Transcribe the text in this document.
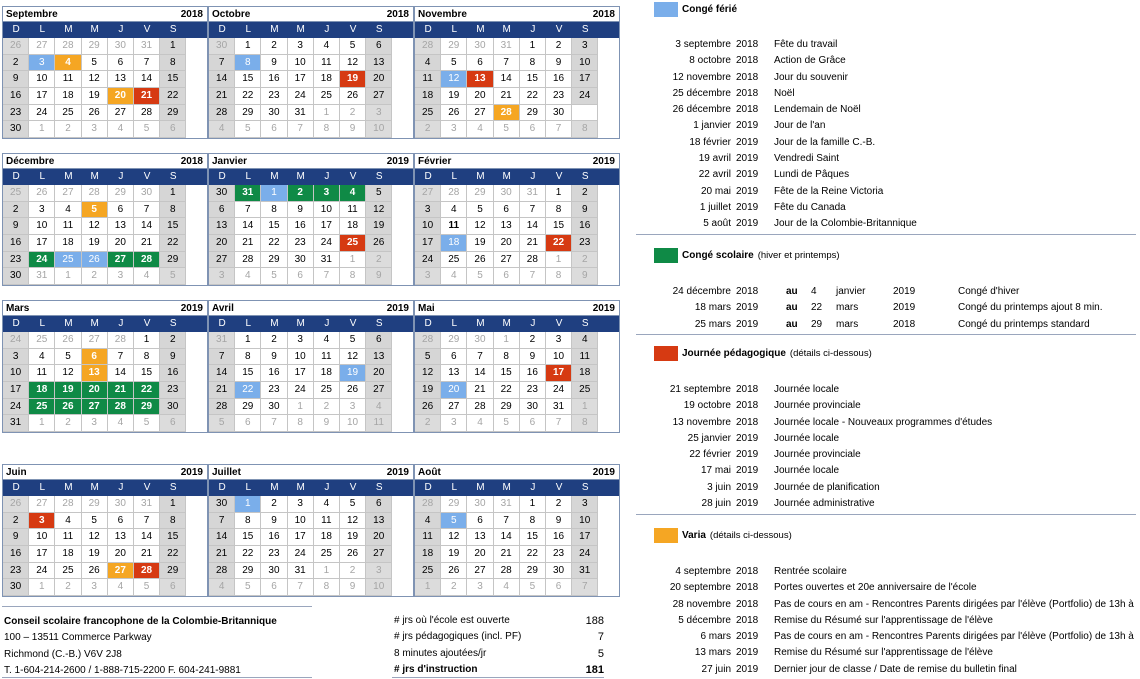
Septembre	2018
D	L	M	M	J	V	S
26	27	28	29	30	31	1
2	3	4	5	6	7	8
9	10	11	12	13	14	15
16	17	18	19	20	21	22
23	24	25	26	27	28	29
30	1	2	3	4	5	6
Octobre	2018
D	L	M	M	J	V	S
30	1	2	3	4	5	6
7	8	9	10	11	12	13
14	15	16	17	18	19	20
21	22	23	24	25	26	27
28	29	30	31	1	2	3
4	5	6	7	8	9	10
Novembre	2018
D	L	M	M	J	V	S
28	29	30	31	1	2	3
4	5	6	7	8	9	10
11	12	13	14	15	16	17
18	19	20	21	22	23	24
25	26	27	28	29	30
2	3	4	5	6	7	8
Décembre	2018
D	L	M	M	J	V	S
25	26	27	28	29	30	1
2	3	4	5	6	7	8
9	10	11	12	13	14	15
16	17	18	19	20	21	22
23	24	25	26	27	28	29
30	31	1	2	3	4	5
Janvier	2019
D	L	M	M	J	V	S
30	31	1	2	3	4	5
6	7	8	9	10	11	12
13	14	15	16	17	18	19
20	21	22	23	24	25	26
27	28	29	30	31	1	2
3	4	5	6	7	8	9
Février	2019
D	L	M	M	J	V	S
27	28	29	30	31	1	2
3	4	5	6	7	8	9
10	11	12	13	14	15	16
17	18	19	20	21	22	23
24	25	26	27	28	1	2
3	4	5	6	7	8	9
Mars	2019
D	L	M	M	J	V	S
24	25	26	27	28	1	2
3	4	5	6	7	8	9
10	11	12	13	14	15	16
17	18	19	20	21	22	23
24	25	26	27	28	29	30
31	1	2	3	4	5	6
Avril	2019
D	L	M	M	J	V	S
31	1	2	3	4	5	6
7	8	9	10	11	12	13
14	15	16	17	18	19	20
21	22	23	24	25	26	27
28	29	30	1	2	3	4
5	6	7	8	9	10	11
Mai	2019
D	L	M	M	J	V	S
28	29	30	1	2	3	4
5	6	7	8	9	10	11
12	13	14	15	16	17	18
19	20	21	22	23	24	25
26	27	28	29	30	31	1
2	3	4	5	6	7	8
Juin	2019
D	L	M	M	J	V	S
26	27	28	29	30	31	1
2	3	4	5	6	7	8
9	10	11	12	13	14	15
16	17	18	19	20	21	22
23	24	25	26	27	28	29
30	1	2	3	4	5	6
Juillet	2019
D	L	M	M	J	V	S
30	1	2	3	4	5	6
7	8	9	10	11	12	13
14	15	16	17	18	19	20
21	22	23	24	25	26	27
28	29	30	31	1	2	3
4	5	6	7	8	9	10
Août	2019
D	L	M	M	J	V	S
28	29	30	31	1	2	3
4	5	6	7	8	9	10
11	12	13	14	15	16	17
18	19	20	21	22	23	24
25	26	27	28	29	30	31
1	2	3	4	5	6	7
Conseil scolaire francophone de la Colombie-Britannique
100 – 13511 Commerce Parkway
Richmond (C.-B.) V6V 2J8
T. 1-604-214-2600 / 1-888-715-2200 F. 604-241-9881
# jrs où l'école est ouverte	188
# jrs pédagogiques (incl. PF)	7
8 minutes ajoutées/jr	5
# jrs d'instruction	181
Congé férié
3 septembre 2018 Fête du travail
8 octobre 2018 Action de Grâce
12 novembre 2018 Jour du souvenir
25 décembre 2018 Noël
26 décembre 2018 Lendemain de Noël
1 janvier 2019 Jour de l'an
18 février 2019 Jour de la famille C.-B.
19 avril 2019 Vendredi Saint
22 avril 2019 Lundi de Pâques
20 mai 2019 Fête de la Reine Victoria
1 juillet 2019 Fête du Canada
5 août 2019 Jour de la Colombie-Britannique
Congé scolaire (hiver et printemps)
24 décembre 2018	au 4 janvier	2019	Congé d'hiver
18 mars 2019	au 22 mars	2019	Congé du printemps ajout 8 min.
25 mars 2019	au 29 mars	2018	Congé du printemps standard
Journée pédagogique (détails ci-dessous)
21 septembre 2018 Journée locale
19 octobre 2018 Journée provinciale
13 novembre 2018 Journée locale - Nouveaux programmes d'études
25 janvier 2019 Journée locale
22 février 2019 Journée provinciale
17 mai 2019 Journée locale
3 juin 2019 Journée de planification
28 juin 2019 Journée administrative
Varia (détails ci-dessous)
4 septembre 2018 Rentrée scolaire
20 septembre 2018 Portes ouvertes et 20e anniversaire de l'école
28 novembre 2018 Pas de cours en am - Rencontres Parents dirigées par l'élève (Portfolio) de 13h à
5 décembre 2018 Remise du Résumé sur l'apprentissage de l'élève
6 mars 2019 Pas de cours en am - Rencontres Parents dirigées par l'élève (Portfolio) de 13h à
13 mars 2019 Remise du Résumé sur l'apprentissage de l'élève
27 juin 2019 Dernier jour de classe / Date de remise du bulletin final
